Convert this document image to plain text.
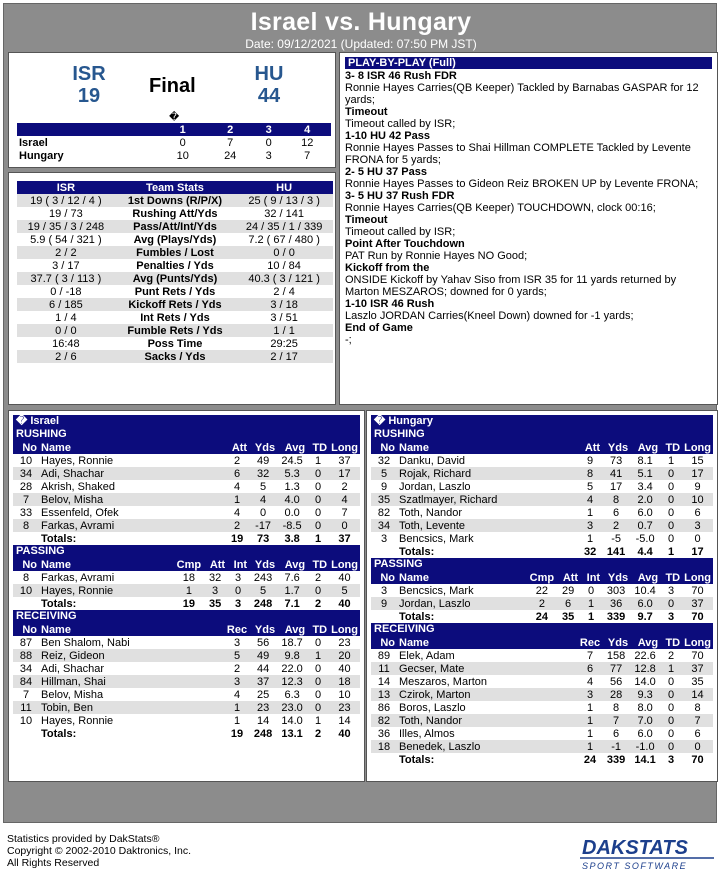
Israel vs. Hungary
Date: 09/12/2021 (Updated: 07:50 PM JST)
ISR
19	Final
HU
44
�
	1	2	3	4
Israel	0	7	0	12
Hungary	10	24	3	7
ISR	Team Stats	HU
19 ( 3 / 12 / 4 )	1st Downs (R/P/X)	25 ( 9 / 13 / 3 )
19 / 73	Rushing Att/Yds	32 / 141
19 / 35 / 3 / 248	Pass/Att/Int/Yds	24 / 35 / 1 / 339
5.9 ( 54 / 321 )	Avg (Plays/Yds)	7.2 ( 67 / 480 )
2 / 2	Fumbles / Lost	0 / 0
3 / 17	Penalties / Yds	10 / 84
37.7 ( 3 / 113 )	Avg (Punts/Yds)	40.3 ( 3 / 121 )
0 / -18	Punt Rets / Yds	2 / 4
6 / 185	Kickoff Rets / Yds	3 / 18
1 / 4	Int Rets / Yds	3 / 51
0 / 0	Fumble Rets / Yds	1 / 1
16:48	Poss Time	29:25
2 / 6	Sacks / Yds	2 / 17
PLAY-BY-PLAY (Full)
3- 8 ISR 46 Rush FDR
Ronnie Hayes Carries(QB Keeper) Tackled by Barnabas GASPAR for 12 yards;
Timeout
Timeout called by ISR;
1-10 HU 42 Pass
Ronnie Hayes Passes to Shai Hillman COMPLETE Tackled by Levente FRONA for 5 yards;
2- 5 HU 37 Pass
Ronnie Hayes Passes to Gideon Reiz BROKEN UP by Levente FRONA;
3- 5 HU 37 Rush FDR
Ronnie Hayes Carries(QB Keeper) TOUCHDOWN, clock 00:16;
Timeout
Timeout called by ISR;
Point After Touchdown
PAT Run by Ronnie Hayes NO Good;
Kickoff from the
ONSIDE Kickoff by Yahav Siso from ISR 35 for 11 yards returned by Marton MESZAROS; downed for 0 yards;
1-10 ISR 46 Rush
Laszlo JORDAN Carries(Kneel Down) downed for -1 yards;
End of Game
-;
� Israel
RUSHING
No	Name	Att	Yds	Avg	TD	Long
10	Hayes, Ronnie	2	49	24.5	1	37
34	Adi, Shachar	6	32	5.3	0	17
28	Akrish, Shaked	4	5	1.3	0	2
7	Belov, Misha	1	4	4.0	0	4
33	Essenfeld, Ofek	4	0	0.0	0	7
8	Farkas, Avrami	2	-17	-8.5	0	0
	Totals:	19	73	3.8	1	37
PASSING
No	Name	Cmp	Att	Int	Yds	Avg	TD	Long
8	Farkas, Avrami	18	32	3	243	7.6	2	40
10	Hayes, Ronnie	1	3	0	5	1.7	0	5
	Totals:	19	35	3	248	7.1	2	40
RECEIVING
No	Name	Rec	Yds	Avg	TD	Long
87	Ben Shalom, Nabi	3	56	18.7	0	23
88	Reiz, Gideon	5	49	9.8	1	20
34	Adi, Shachar	2	44	22.0	0	40
84	Hillman, Shai	3	37	12.3	0	18
7	Belov, Misha	4	25	6.3	0	10
11	Tobin, Ben	1	23	23.0	0	23
10	Hayes, Ronnie	1	14	14.0	1	14
	Totals:	19	248	13.1	2	40
� Hungary
RUSHING
No	Name	Att	Yds	Avg	TD	Long
32	Danku, David	9	73	8.1	1	15
5	Rojak, Richard	8	41	5.1	0	17
9	Jordan, Laszlo	5	17	3.4	0	9
35	Szatlmayer, Richard	4	8	2.0	0	10
82	Toth, Nandor	1	6	6.0	0	6
34	Toth, Levente	3	2	0.7	0	3
3	Bencsics, Mark	1	-5	-5.0	0	0
	Totals:	32	141	4.4	1	17
PASSING
No	Name	Cmp	Att	Int	Yds	Avg	TD	Long
3	Bencsics, Mark	22	29	0	303	10.4	3	70
9	Jordan, Laszlo	2	6	1	36	6.0	0	37
	Totals:	24	35	1	339	9.7	3	70
RECEIVING
No	Name	Rec	Yds	Avg	TD	Long
89	Elek, Adam	7	158	22.6	2	70
11	Gecser, Mate	6	77	12.8	1	37
14	Meszaros, Marton	4	56	14.0	0	35
13	Czirok, Marton	3	28	9.3	0	14
86	Boros, Laszlo	1	8	8.0	0	8
82	Toth, Nandor	1	7	7.0	0	7
36	Illes, Almos	1	6	6.0	0	6
18	Benedek, Laszlo	1	-1	-1.0	0	0
	Totals:	24	339	14.1	3	70
Statistics provided by DakStats®
Copyright © 2002-2010 Daktronics, Inc.
All Rights Reserved
DAKSTATS
SPORT SOFTWARE
